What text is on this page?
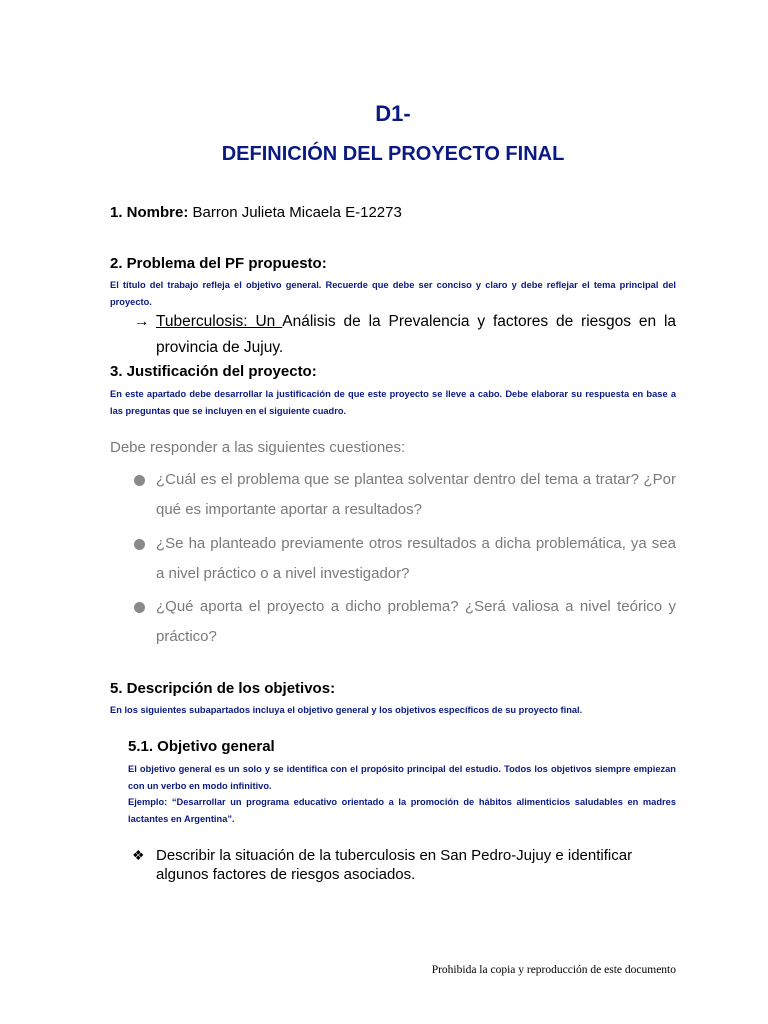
D1-
DEFINICIÓN DEL PROYECTO FINAL
1. Nombre: Barron Julieta Micaela E-12273
2. Problema del PF propuesto:
El título del trabajo refleja el objetivo general. Recuerde que debe ser conciso y claro y debe reflejar el tema principal del proyecto.
→ Tuberculosis: Un Análisis de la Prevalencia y factores de riesgos en la provincia de Jujuy.
3. Justificación del proyecto:
En este apartado debe desarrollar la justificación de que este proyecto se lleve a cabo. Debe elaborar su respuesta en base a las preguntas que se incluyen en el siguiente cuadro.
Debe responder a las siguientes cuestiones:
¿Cuál es el problema que se plantea solventar dentro del tema a tratar? ¿Por qué es importante aportar a resultados?
¿Se ha planteado previamente otros resultados a dicha problemática, ya sea a nivel práctico o a nivel investigador?
¿Qué aporta el proyecto a dicho problema? ¿Será valiosa a nivel teórico y práctico?
5. Descripción de los objetivos:
En los siguientes subapartados incluya el objetivo general y los objetivos específicos de su proyecto final.
5.1. Objetivo general
El objetivo general es un solo y se identifica con el propósito principal del estudio. Todos los objetivos siempre empiezan con un verbo en modo infinitivo.
Ejemplo: “Desarrollar un programa educativo orientado a la promoción de hábitos alimenticios saludables en madres lactantes en Argentina”.
❖ Describir la situación de la tuberculosis en San Pedro-Jujuy e identificar algunos factores de riesgos asociados.
Prohibida la copia y reproducción de este documento
